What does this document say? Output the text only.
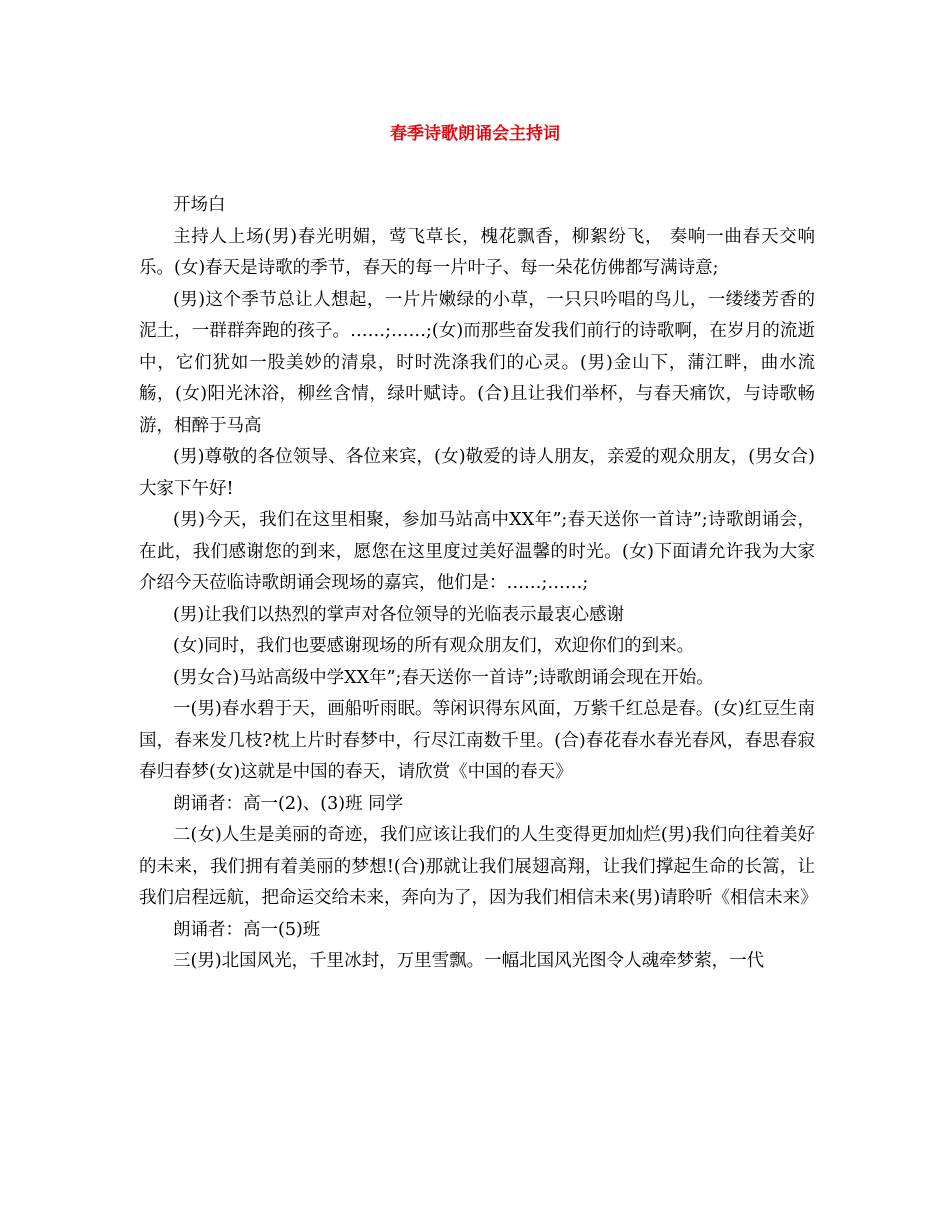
春季诗歌朗诵会主持词

开场白

主持人上场(男)春光明媚，莺飞草长，槐花飘香，柳絮纷飞， 奏响一曲春天交响乐。(女)春天是诗歌的季节，春天的每一片叶子、每一朵花仿佛都写满诗意;

(男)这个季节总让人想起，一片片嫩绿的小草，一只只吟唱的鸟儿，一缕缕芳香的泥土，一群群奔跑的孩子。……;……;(女)而那些奋发我们前行的诗歌啊，在岁月的流逝中，它们犹如一股美妙的清泉，时时洗涤我们的心灵。(男)金山下，蒲江畔，曲水流觞，(女)阳光沐浴，柳丝含情，绿叶赋诗。(合)且让我们举杯，与春天痛饮，与诗歌畅游，相醉于马高

(男)尊敬的各位领导、各位来宾，(女)敬爱的诗人朋友，亲爱的观众朋友，(男女合)大家下午好!

(男)今天，我们在这里相聚，参加马站高中XX年”;春天送你一首诗”;诗歌朗诵会，在此，我们感谢您的到来，愿您在这里度过美好温馨的时光。(女)下面请允许我为大家介绍今天莅临诗歌朗诵会现场的嘉宾，他们是：……;……;

(男)让我们以热烈的掌声对各位领导的光临表示最衷心感谢

(女)同时，我们也要感谢现场的所有观众朋友们，欢迎你们的到来。

(男女合)马站高级中学XX年”;春天送你一首诗”;诗歌朗诵会现在开始。

一(男)春水碧于天，画船听雨眠。等闲识得东风面，万紫千红总是春。(女)红豆生南国，春来发几枝?枕上片时春梦中，行尽江南数千里。(合)春花春水春光春风，春思春寂春归春梦(女)这就是中国的春天，请欣赏《中国的春天》

朗诵者：高一(2)、(3)班 同学

二(女)人生是美丽的奇迹，我们应该让我们的人生变得更加灿烂(男)我们向往着美好的未来，我们拥有着美丽的梦想!(合)那就让我们展翅高翔，让我们撑起生命的长篙，让我们启程远航，把命运交给未来，奔向为了，因为我们相信未来(男)请聆听《相信未来》

朗诵者：高一(5)班

三(男)北国风光，千里冰封，万里雪飘。一幅北国风光图令人魂牵梦萦，一代
